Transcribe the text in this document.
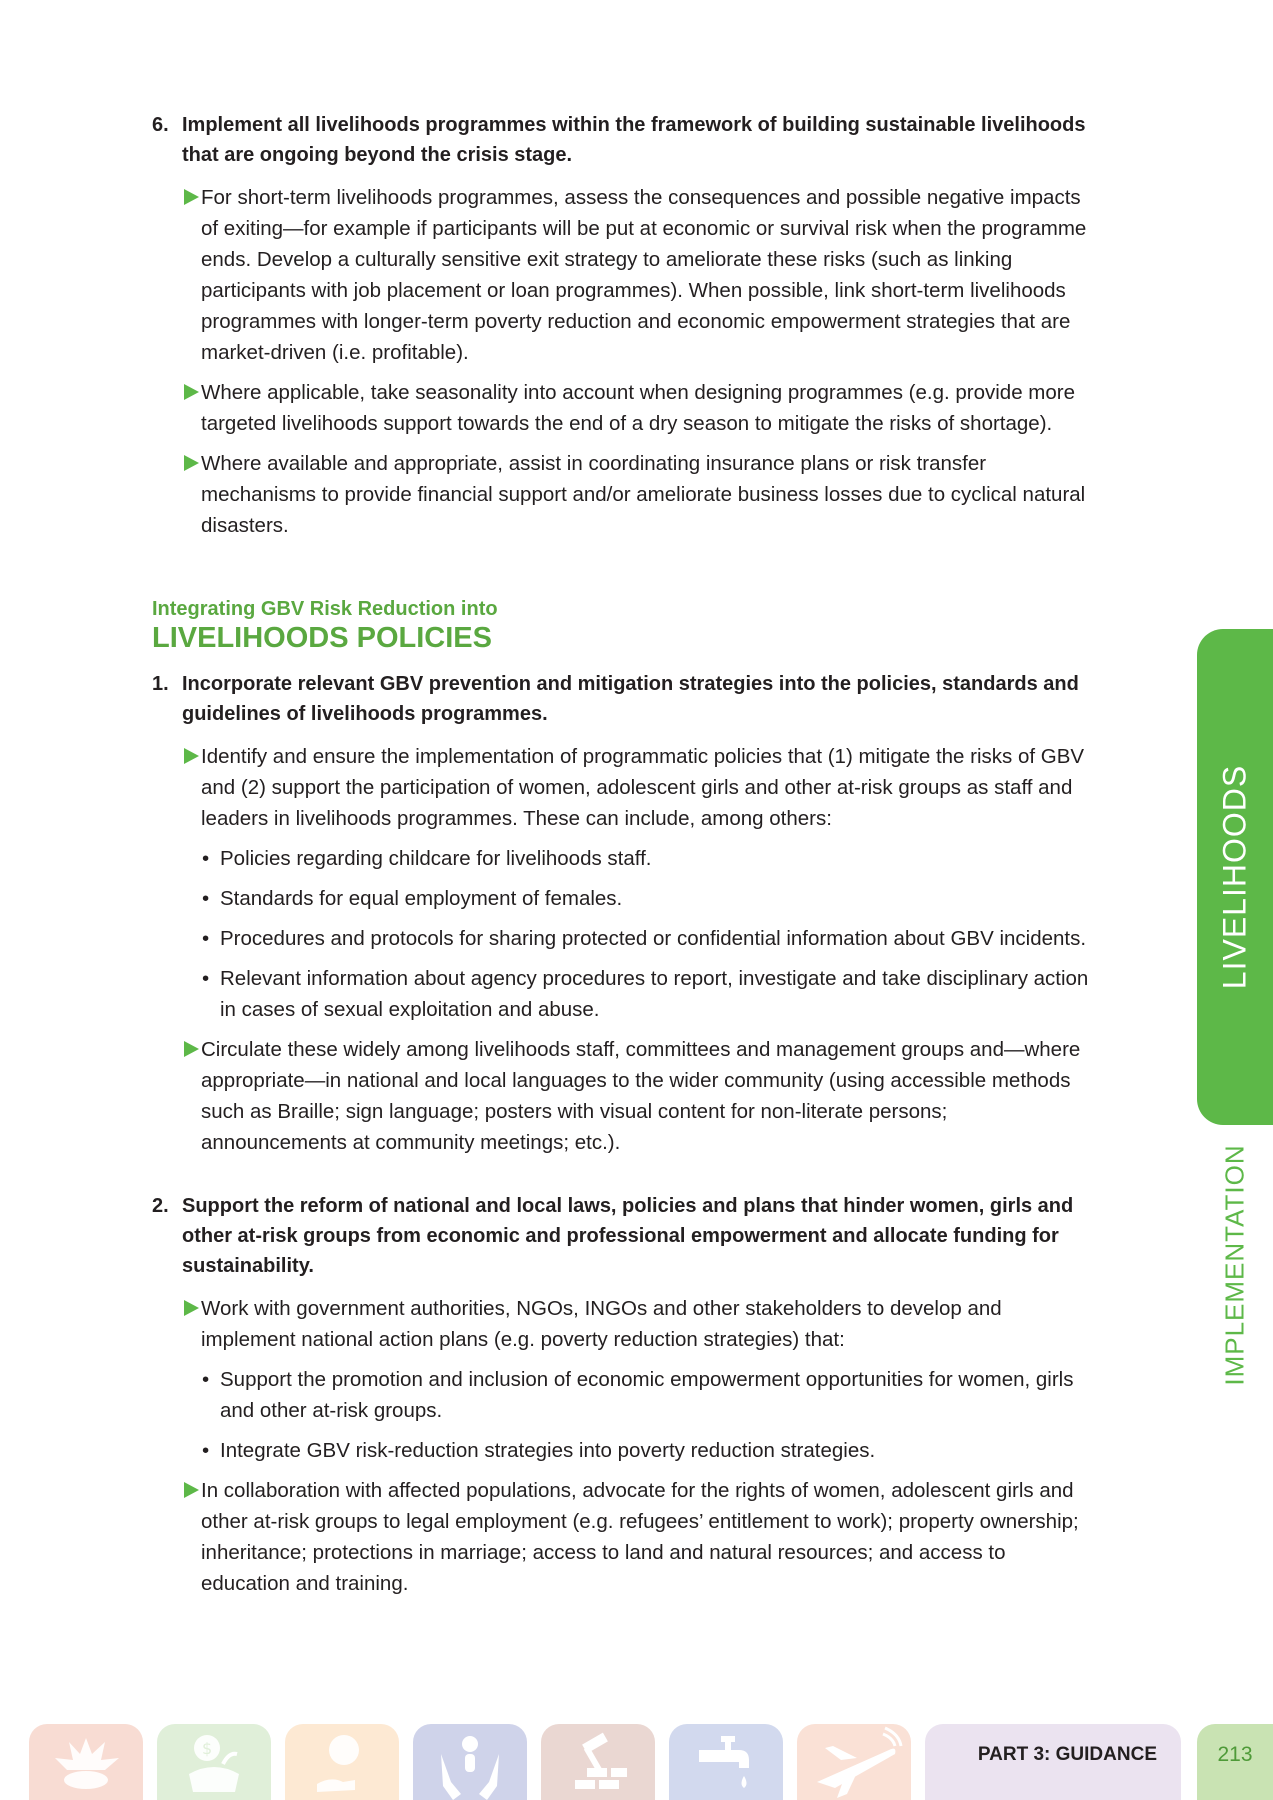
6. Implement all livelihoods programmes within the framework of building sustainable livelihoods that are ongoing beyond the crisis stage.
For short-term livelihoods programmes, assess the consequences and possible negative impacts of exiting—for example if participants will be put at economic or survival risk when the programme ends. Develop a culturally sensitive exit strategy to ameliorate these risks (such as linking participants with job placement or loan programmes). When possible, link short-term livelihoods programmes with longer-term poverty reduction and economic empowerment strategies that are market-driven (i.e. profitable).
Where applicable, take seasonality into account when designing programmes (e.g. provide more targeted livelihoods support towards the end of a dry season to mitigate the risks of shortage).
Where available and appropriate, assist in coordinating insurance plans or risk transfer mechanisms to provide financial support and/or ameliorate business losses due to cyclical natural disasters.
Integrating GBV Risk Reduction into
LIVELIHOODS POLICIES
1. Incorporate relevant GBV prevention and mitigation strategies into the policies, standards and guidelines of livelihoods programmes.
Identify and ensure the implementation of programmatic policies that (1) mitigate the risks of GBV and (2) support the participation of women, adolescent girls and other at-risk groups as staff and leaders in livelihoods programmes. These can include, among others:
• Policies regarding childcare for livelihoods staff.
• Standards for equal employment of females.
• Procedures and protocols for sharing protected or confidential information about GBV incidents.
• Relevant information about agency procedures to report, investigate and take disciplinary action in cases of sexual exploitation and abuse.
Circulate these widely among livelihoods staff, committees and management groups and—where appropriate—in national and local languages to the wider community (using accessible methods such as Braille; sign language; posters with visual content for non-literate persons; announcements at community meetings; etc.).
2. Support the reform of national and local laws, policies and plans that hinder women, girls and other at-risk groups from economic and professional empowerment and allocate funding for sustainability.
Work with government authorities, NGOs, INGOs and other stakeholders to develop and implement national action plans (e.g. poverty reduction strategies) that:
• Support the promotion and inclusion of economic empowerment opportunities for women, girls and other at-risk groups.
• Integrate GBV risk-reduction strategies into poverty reduction strategies.
In collaboration with affected populations, advocate for the rights of women, adolescent girls and other at-risk groups to legal employment (e.g. refugees’ entitlement to work); property ownership; inheritance; protections in marriage; access to land and natural resources; and access to education and training.
LIVELIHOODS
IMPLEMENTATION
$	PART 3: GUIDANCE	213
